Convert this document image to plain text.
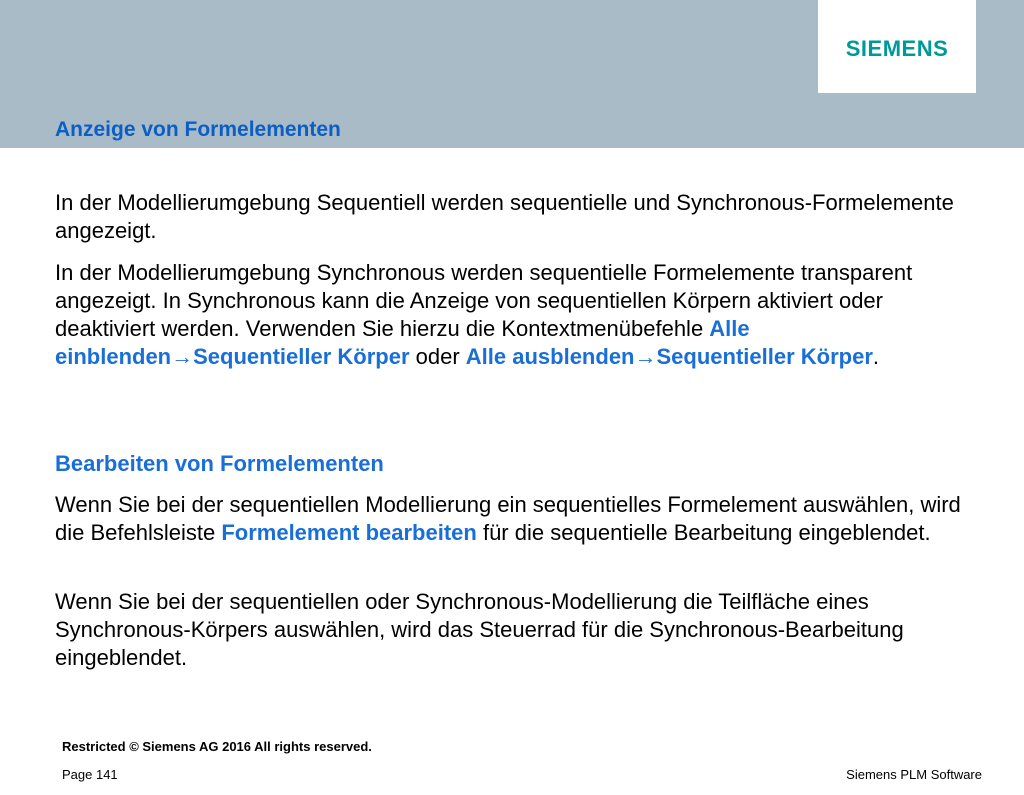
SIEMENS
Anzeige von Formelementen
In der Modellierumgebung Sequentiell werden sequentielle und Synchronous-Formelemente angezeigt.
In der Modellierumgebung Synchronous werden sequentielle Formelemente transparent angezeigt. In Synchronous kann die Anzeige von sequentiellen Körpern aktiviert oder deaktiviert werden. Verwenden Sie hierzu die Kontextmenübefehle Alle einblenden→Sequentieller Körper oder Alle ausblenden→Sequentieller Körper.
Bearbeiten von Formelementen
Wenn Sie bei der sequentiellen Modellierung ein sequentielles Formelement auswählen, wird die Befehlsleiste Formelement bearbeiten für die sequentielle Bearbeitung eingeblendet.
Wenn Sie bei der sequentiellen oder Synchronous-Modellierung die Teilfläche eines Synchronous-Körpers auswählen, wird das Steuerrad für die Synchronous-Bearbeitung eingeblendet.
Restricted © Siemens AG 2016 All rights reserved.
Page 141	Siemens PLM Software
